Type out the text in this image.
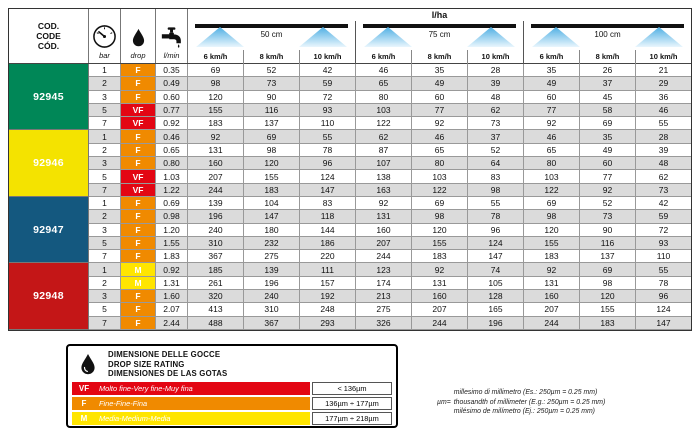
COD.
CODE
CÓD.
bar	drop l/min
l/ha
50 cm
6 km/h	8 km/h	10 km/h
75 cm
6 km/h	8 km/h	10 km/h
100 cm
6 km/h	8 km/h	10 km/h
92945
1	F	0.35	69	52	42	46	35	28	35	26	21
2	F	0.49	98	73	59	65	49	39	49	37	29
3	F	0.60	120	90	72	80	60	48	60	45	36
5	VF	0.77	155	116	93	103	77	62	77	58	46
7	VF	0.92	183	137	110	122	92	73	92	69	55
92946
1	F	0.46	92	69	55	62	46	37	46	35	28
2	F	0.65	131	98	78	87	65	52	65	49	39
3	F	0.80	160	120	96	107	80	64	80	60	48
5	VF	1.03	207	155	124	138	103	83	103	77	62
7	VF	1.22	244	183	147	163	122	98	122	92	73
92947
1	F	0.69	139	104	83	92	69	55	69	52	42
2	F	0.98	196	147	118	131	98	78	98	73	59
3	F	1.20	240	180	144	160	120	96	120	90	72
5	F	1.55	310	232	186	207	155	124	155	116	93
7	F	1.83	367	275	220	244	183	147	183	137	110
92948
1	M	0.92	185	139	111	123	92	74	92	69	55
2	M	1.31	261	196	157	174	131	105	131	98	78
3	F	1.60	320	240	192	213	160	128	160	120	96
5	F	2.07	413	310	248	275	207	165	207	155	124
7	F	2.44	488	367	293	326	244	196	244	183	147
DIMENSIONE DELLE GOCCE
DROP SIZE RATING
DIMENSIONES DE LAS GOTAS
VF	Molto fine-Very fine-Muy fina	< 136µm
F	Fine-Fine-Fina	136µm ÷ 177µm
M	Media-Medium-Media	177µm ÷ 218µm
µm=
millesimo di millimetro (Es.: 250µm = 0.25 mm)
thousandth of millimeter (E.g.: 250µm = 0.25 mm)
milésimo de milímetro (Ej.: 250µm = 0.25 mm)
